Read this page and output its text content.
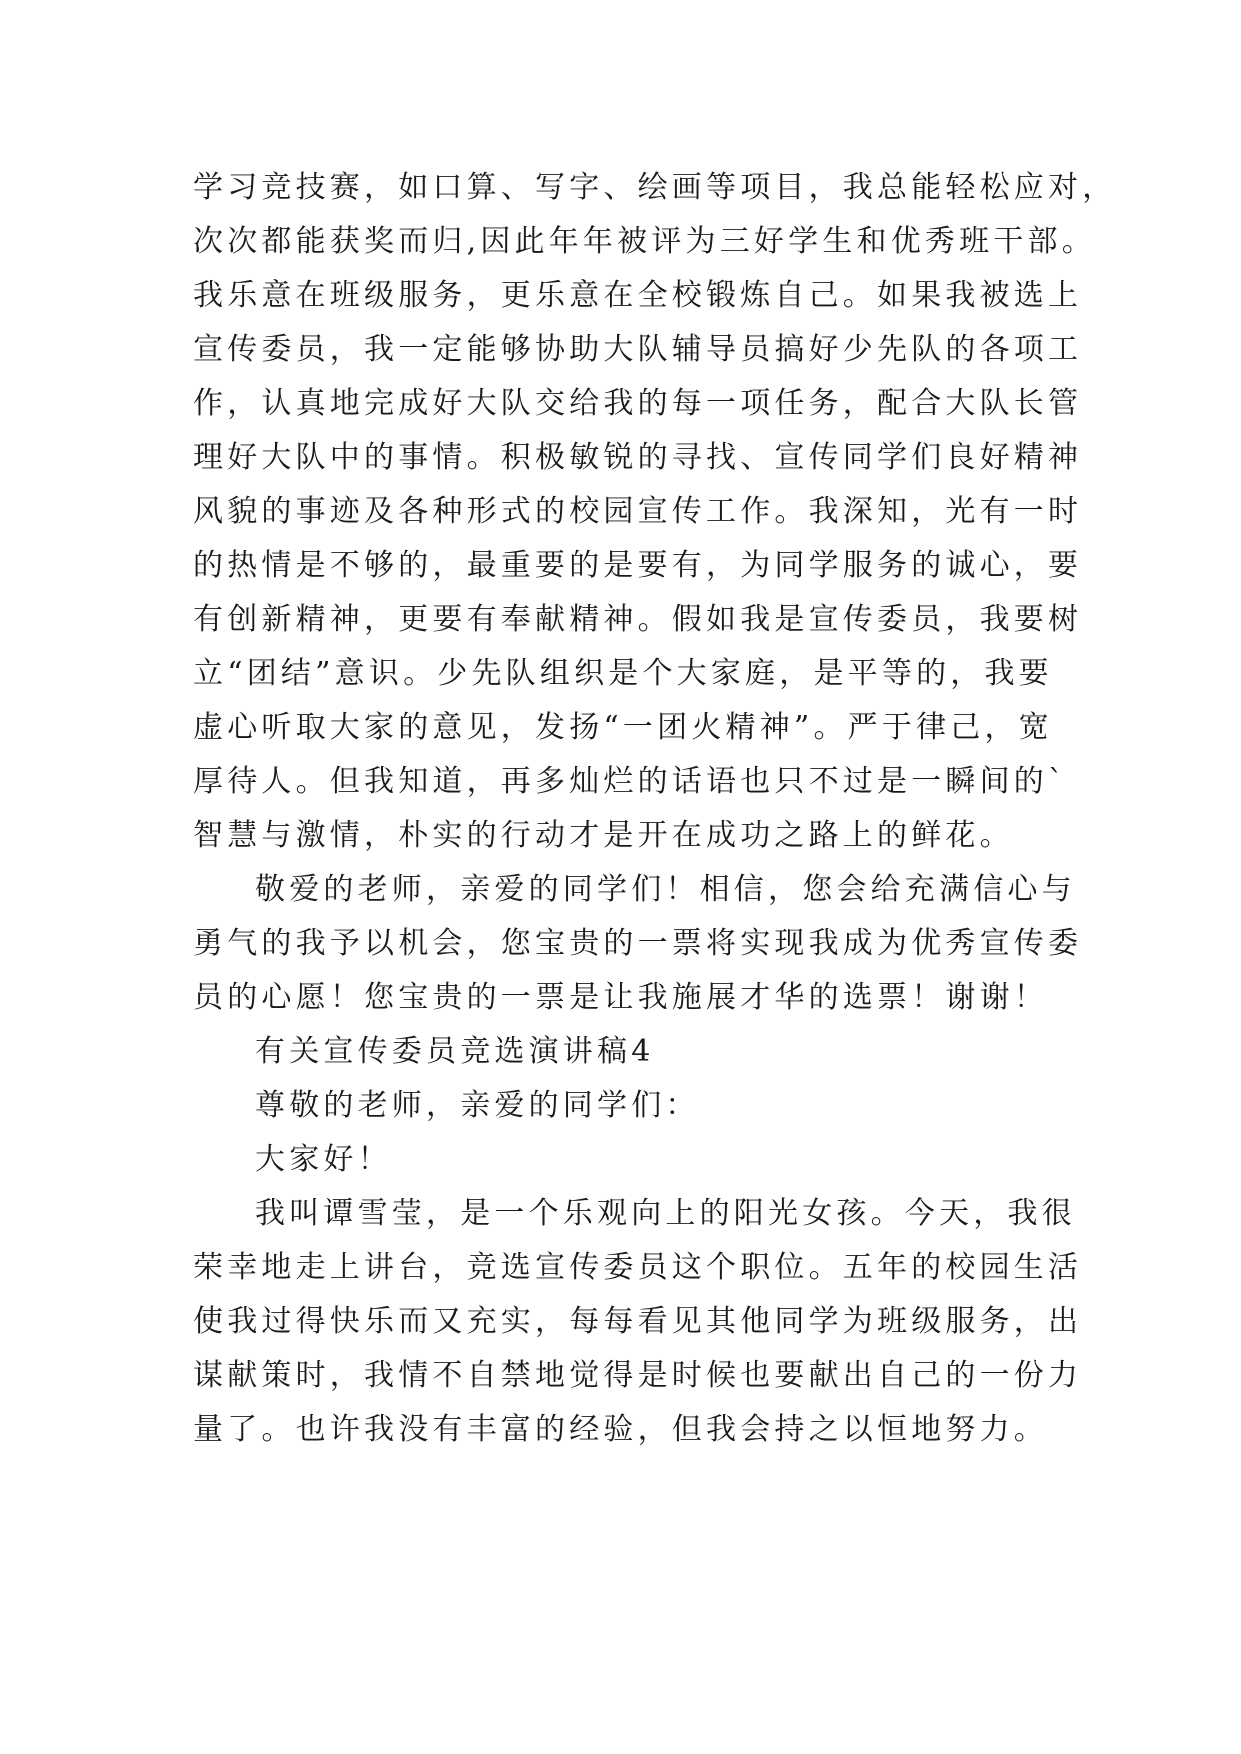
学习竞技赛，如口算、写字、绘画等项目，我总能轻松应对，
次次都能获奖而归,因此年年被评为三好学生和优秀班干部。
我乐意在班级服务，更乐意在全校锻炼自己。如果我被选上
宣传委员，我一定能够协助大队辅导员搞好少先队的各项工
作，认真地完成好大队交给我的每一项任务，配合大队长管
理好大队中的事情。积极敏锐的寻找、宣传同学们良好精神
风貌的事迹及各种形式的校园宣传工作。我深知，光有一时
的热情是不够的，最重要的是要有，为同学服务的诚心，要
有创新精神，更要有奉献精神。假如我是宣传委员，我要树
立“团结”意识。少先队组织是个大家庭，是平等的，我要
虚心听取大家的意见，发扬“一团火精神”。严于律己，宽
厚待人。但我知道，再多灿烂的话语也只不过是一瞬间的`
智慧与激情，朴实的行动才是开在成功之路上的鲜花。
敬爱的老师，亲爱的同学们！相信，您会给充满信心与
勇气的我予以机会，您宝贵的一票将实现我成为优秀宣传委
员的心愿！您宝贵的一票是让我施展才华的选票！谢谢！
有关宣传委员竞选演讲稿4
尊敬的老师，亲爱的同学们：
大家好！
我叫谭雪莹，是一个乐观向上的阳光女孩。今天，我很
荣幸地走上讲台，竞选宣传委员这个职位。五年的校园生活
使我过得快乐而又充实，每每看见其他同学为班级服务，出
谋献策时，我情不自禁地觉得是时候也要献出自己的一份力
量了。也许我没有丰富的经验，但我会持之以恒地努力。
